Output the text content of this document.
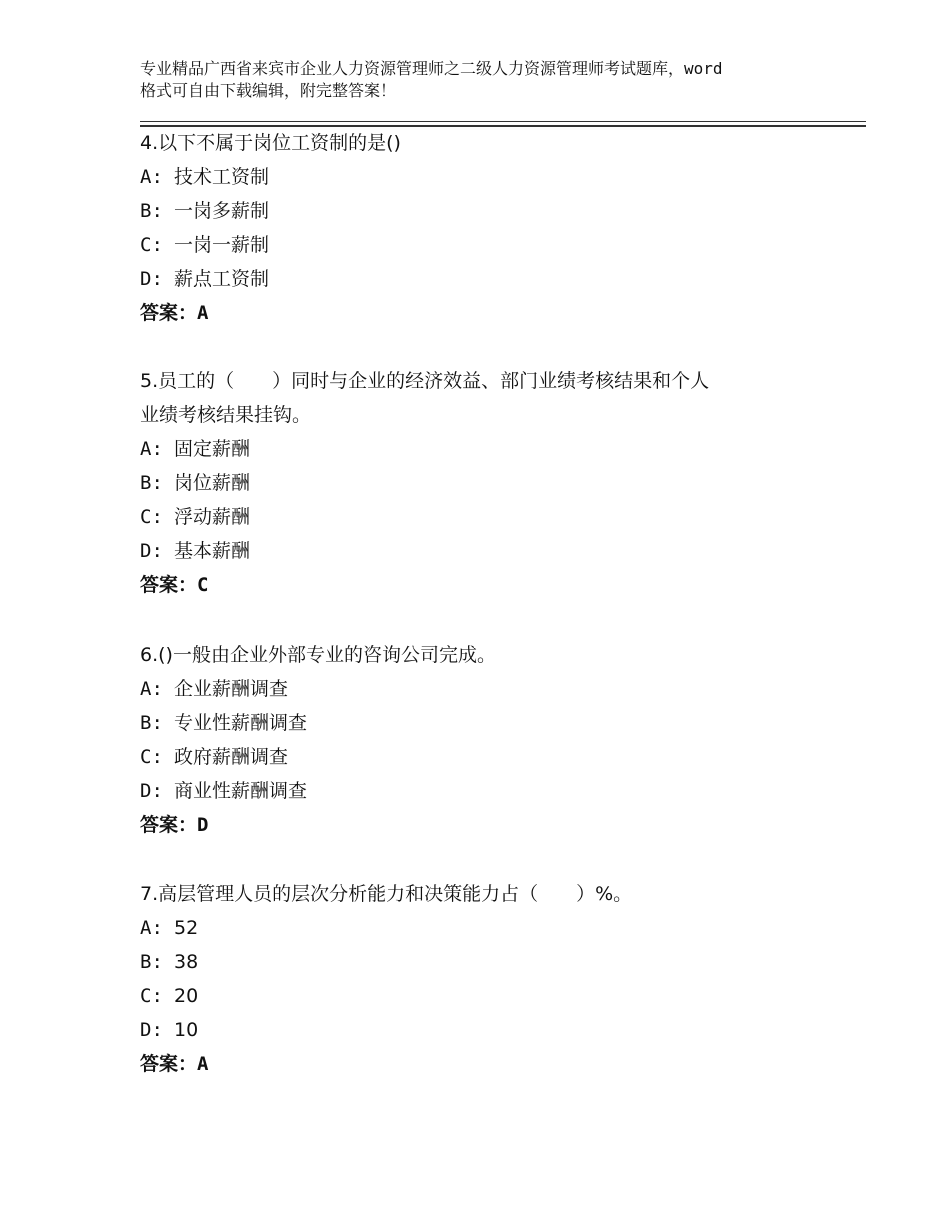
专业精品广西省来宾市企业人力资源管理师之二级人力资源管理师考试题库，word
格式可自由下载编辑，附完整答案！
4.以下不属于岗位工资制的是()
A: 技术工资制
B: 一岗多薪制
C: 一岗一薪制
D: 薪点工资制
答案：A
5.员工的（　　）同时与企业的经济效益、部门业绩考核结果和个人
业绩考核结果挂钩。
A: 固定薪酬
B: 岗位薪酬
C: 浮动薪酬
D: 基本薪酬
答案：C
6.()一般由企业外部专业的咨询公司完成。
A: 企业薪酬调查
B: 专业性薪酬调查
C: 政府薪酬调查
D: 商业性薪酬调查
答案：D
7.高层管理人员的层次分析能力和决策能力占（　　）%。
A: 52
B: 38
C: 20
D: 10
答案：A
